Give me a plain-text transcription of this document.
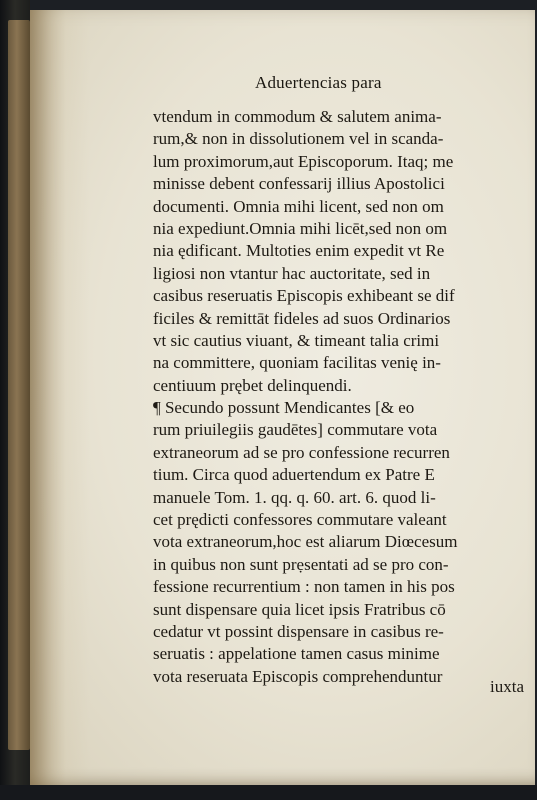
Aduertencias para
vtendum in commodum & salutem anima-
rum,& non in dissolutionem vel in scanda-
lum proximorum,aut Episcoporum. Itaq; me
minisse debent confessarij illius Apostolici
documenti. Omnia mihi licent, sed non om
nia expediunt.Omnia mihi licēt,sed non om
nia ędificant. Multoties enim expedit vt Re
ligiosi non vtantur hac auctoritate, sed in
casibus reseruatis Episcopis exhibeant se dif
ficiles & remittāt fideles ad suos Ordinarios
vt sic cautius viuant, & timeant talia crimi
na committere, quoniam facilitas venię in-
centiuum prębet delinquendi.
¶ Secundo possunt Mendicantes [& eo
rum priuilegiis gaudētes] commutare vota
extraneorum ad se pro confessione recurren
tium. Circa quod aduertendum ex Patre E
manuele Tom. 1. qq. q. 60. art. 6. quod li-
cet prędicti confessores commutare valeant
vota extraneorum,hoc est aliarum Diœcesum
in quibus non sunt prẹsentati ad se pro con-
fessione recurrentium : non tamen in his pos
sunt dispensare quia licet ipsis Fratribus cō
cedatur vt possint dispensare in casibus re-
seruatis : appelatione tamen casus minime
vota reseruata Episcopis comprehenduntur
iuxta
